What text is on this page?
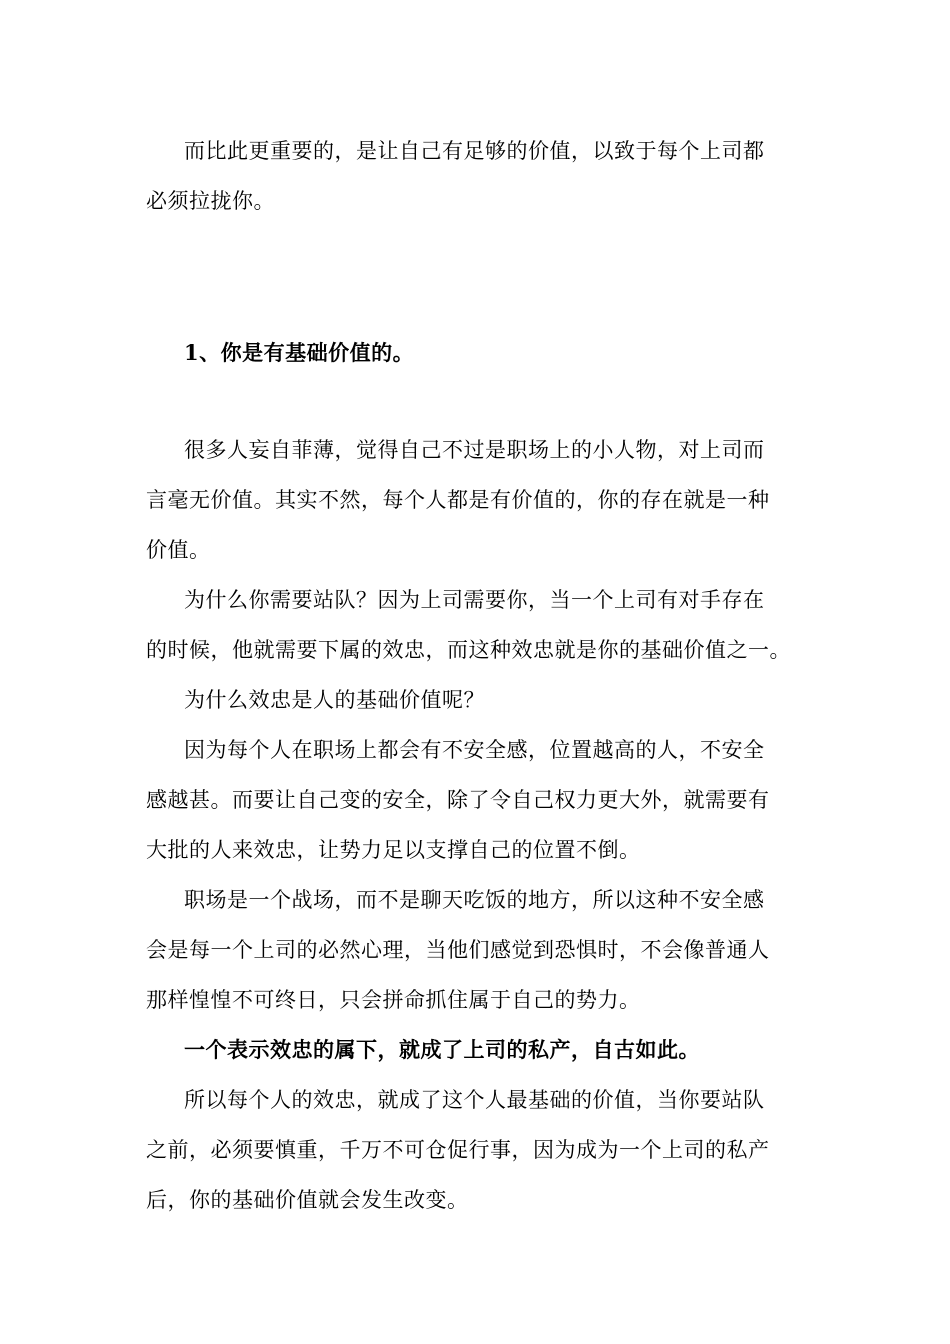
而比此更重要的，是让自己有足够的价值，以致于每个上司都
必须拉拢你。
1、你是有基础价值的。
很多人妄自菲薄，觉得自己不过是职场上的小人物，对上司而
言毫无价值。其实不然，每个人都是有价值的，你的存在就是一种
价值。
为什么你需要站队？因为上司需要你，当一个上司有对手存在
的时候，他就需要下属的效忠，而这种效忠就是你的基础价值之一。
为什么效忠是人的基础价值呢？
因为每个人在职场上都会有不安全感，位置越高的人，不安全
感越甚。而要让自己变的安全，除了令自己权力更大外，就需要有
大批的人来效忠，让势力足以支撑自己的位置不倒。
职场是一个战场，而不是聊天吃饭的地方，所以这种不安全感
会是每一个上司的必然心理，当他们感觉到恐惧时，不会像普通人
那样惶惶不可终日，只会拼命抓住属于自己的势力。
一个表示效忠的属下，就成了上司的私产，自古如此。
所以每个人的效忠，就成了这个人最基础的价值，当你要站队
之前，必须要慎重，千万不可仓促行事，因为成为一个上司的私产
后，你的基础价值就会发生改变。
